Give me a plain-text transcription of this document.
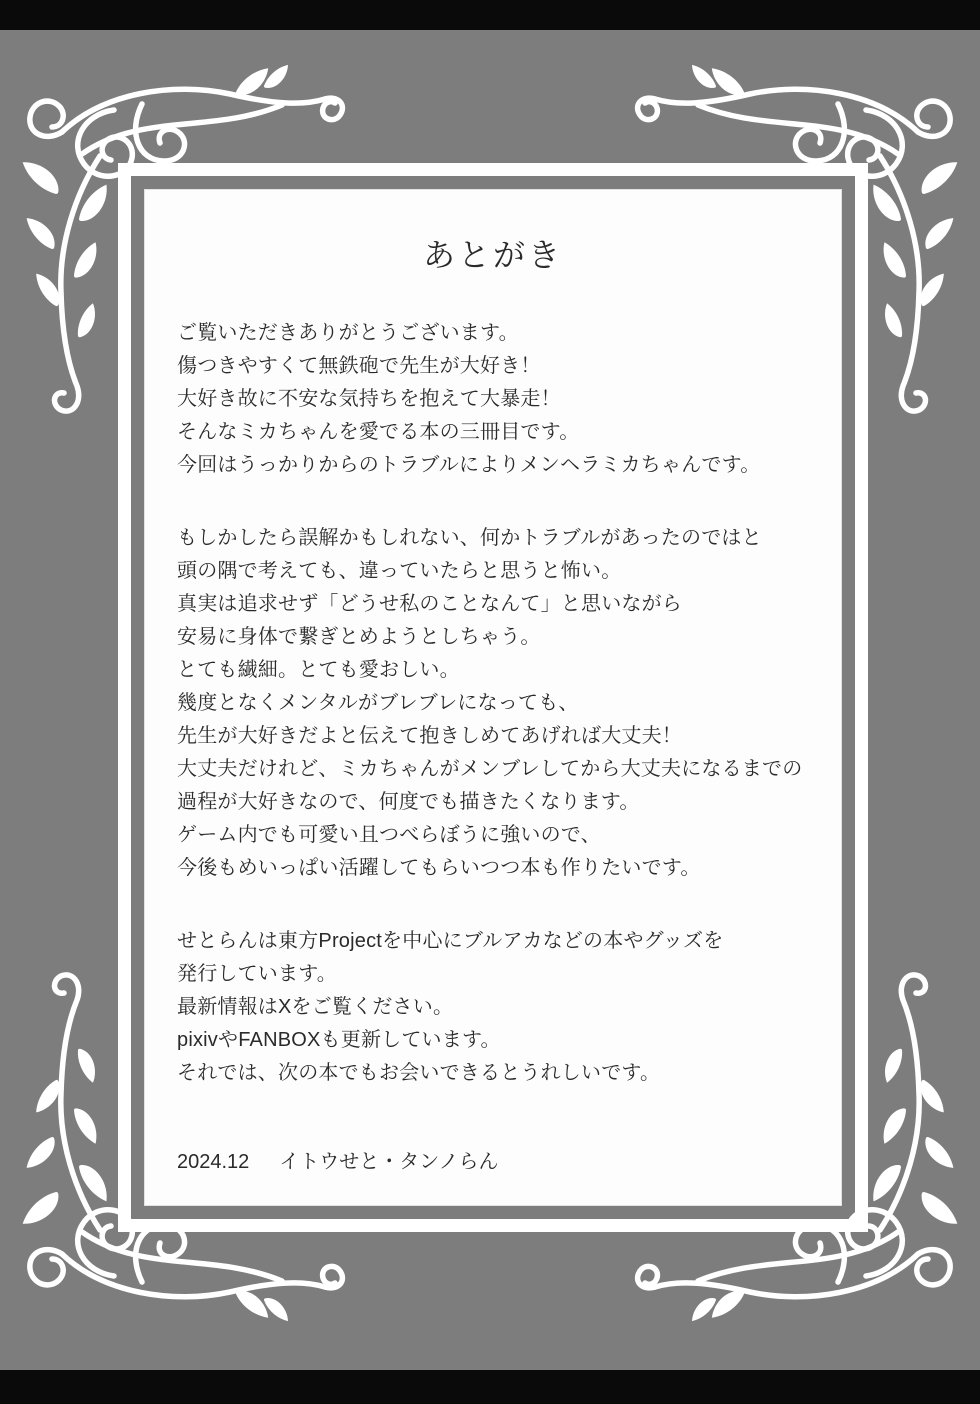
あとがき
ご覧いただきありがとうございます。
傷つきやすくて無鉄砲で先生が大好き！
大好き故に不安な気持ちを抱えて大暴走！
そんなミカちゃんを愛でる本の三冊目です。
今回はうっかりからのトラブルによりメンヘラミカちゃんです。
もしかしたら誤解かもしれない、何かトラブルがあったのではと
頭の隅で考えても、違っていたらと思うと怖い。
真実は追求せず「どうせ私のことなんて」と思いながら
安易に身体で繋ぎとめようとしちゃう。
とても繊細。とても愛おしい。
幾度となくメンタルがブレブレになっても、
先生が大好きだよと伝えて抱きしめてあげれば大丈夫！
大丈夫だけれど、ミカちゃんがメンブレしてから大丈夫になるまでの
過程が大好きなので、何度でも描きたくなります。
ゲーム内でも可愛い且つべらぼうに強いので、
今後もめいっぱい活躍してもらいつつ本も作りたいです。
せとらんは東方Projectを中心にブルアカなどの本やグッズを
発行しています。
最新情報はXをご覧ください。
pixivやFANBOXも更新しています。
それでは、次の本でもお会いできるとうれしいです。
2024.12 イトウせと・タンノらん
